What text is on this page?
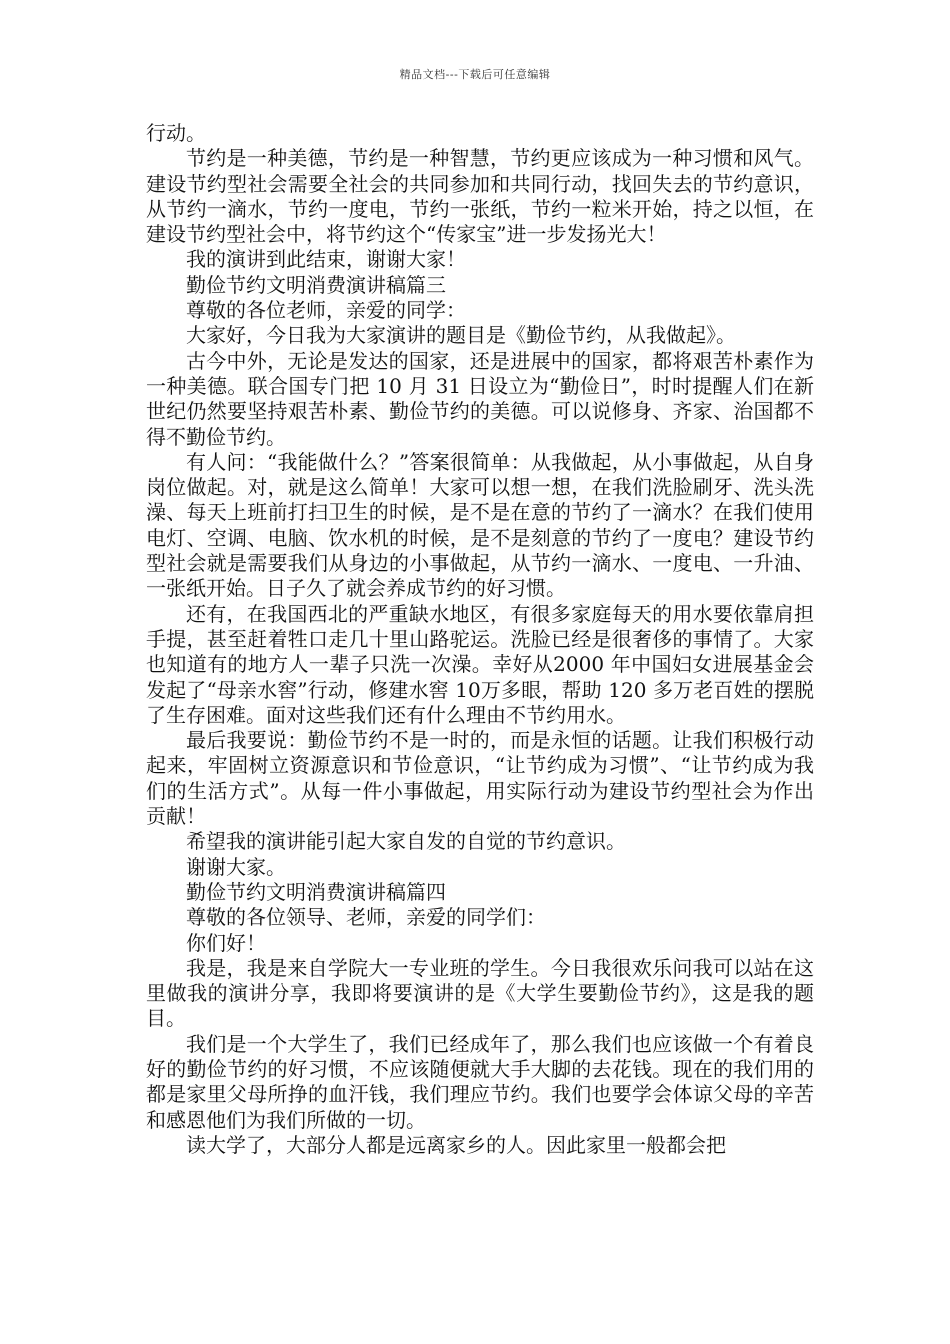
精品文档---下载后可任意编辑

行动。

节约是一种美德，节约是一种智慧，节约更应该成为一种习惯和风气。建设节约型社会需要全社会的共同参加和共同行动，找回失去的节约意识，从节约一滴水，节约一度电，节约一张纸，节约一粒米开始，持之以恒，在建设节约型社会中，将节约这个“传家宝”进一步发扬光大！

我的演讲到此结束，谢谢大家！

勤俭节约文明消费演讲稿篇三

尊敬的各位老师，亲爱的同学：

大家好，今日我为大家演讲的题目是《勤俭节约，从我做起》。

古今中外，无论是发达的国家，还是进展中的国家，都将艰苦朴素作为一种美德。联合国专门把 10 月 31 日设立为“勤俭日”，时时提醒人们在新世纪仍然要坚持艰苦朴素、勤俭节约的美德。可以说修身、齐家、治国都不得不勤俭节约。

有人问：“我能做什么？”答案很简单：从我做起，从小事做起，从自身岗位做起。对，就是这么简单！大家可以想一想，在我们洗脸刷牙、洗头洗澡、每天上班前打扫卫生的时候，是不是在意的节约了一滴水？在我们使用电灯、空调、电脑、饮水机的时候，是不是刻意的节约了一度电？建设节约型社会就是需要我们从身边的小事做起，从节约一滴水、一度电、一升油、一张纸开始。日子久了就会养成节约的好习惯。

还有，在我国西北的严重缺水地区，有很多家庭每天的用水要依靠肩担手提，甚至赶着牲口走几十里山路驼运。洗脸已经是很奢侈的事情了。大家也知道有的地方人一辈子只洗一次澡。幸好从2000 年中国妇女进展基金会发起了“母亲水窖”行动，修建水窖 10万多眼，帮助 120 多万老百姓的摆脱了生存困难。面对这些我们还有什么理由不节约用水。

最后我要说：勤俭节约不是一时的，而是永恒的话题。让我们积极行动起来，牢固树立资源意识和节俭意识，“让节约成为习惯”、“让节约成为我们的生活方式”。从每一件小事做起，用实际行动为建设节约型社会为作出贡献！

希望我的演讲能引起大家自发的自觉的节约意识。

谢谢大家。

勤俭节约文明消费演讲稿篇四

尊敬的各位领导、老师，亲爱的同学们：

你们好！

我是，我是来自学院大一专业班的学生。今日我很欢乐问我可以站在这里做我的演讲分享，我即将要演讲的是《大学生要勤俭节约》，这是我的题目。

我们是一个大学生了，我们已经成年了，那么我们也应该做一个有着良好的勤俭节约的好习惯，不应该随便就大手大脚的去花钱。现在的我们用的都是家里父母所挣的血汗钱，我们理应节约。我们也要学会体谅父母的辛苦和感恩他们为我们所做的一切。

读大学了，大部分人都是远离家乡的人。因此家里一般都会把
